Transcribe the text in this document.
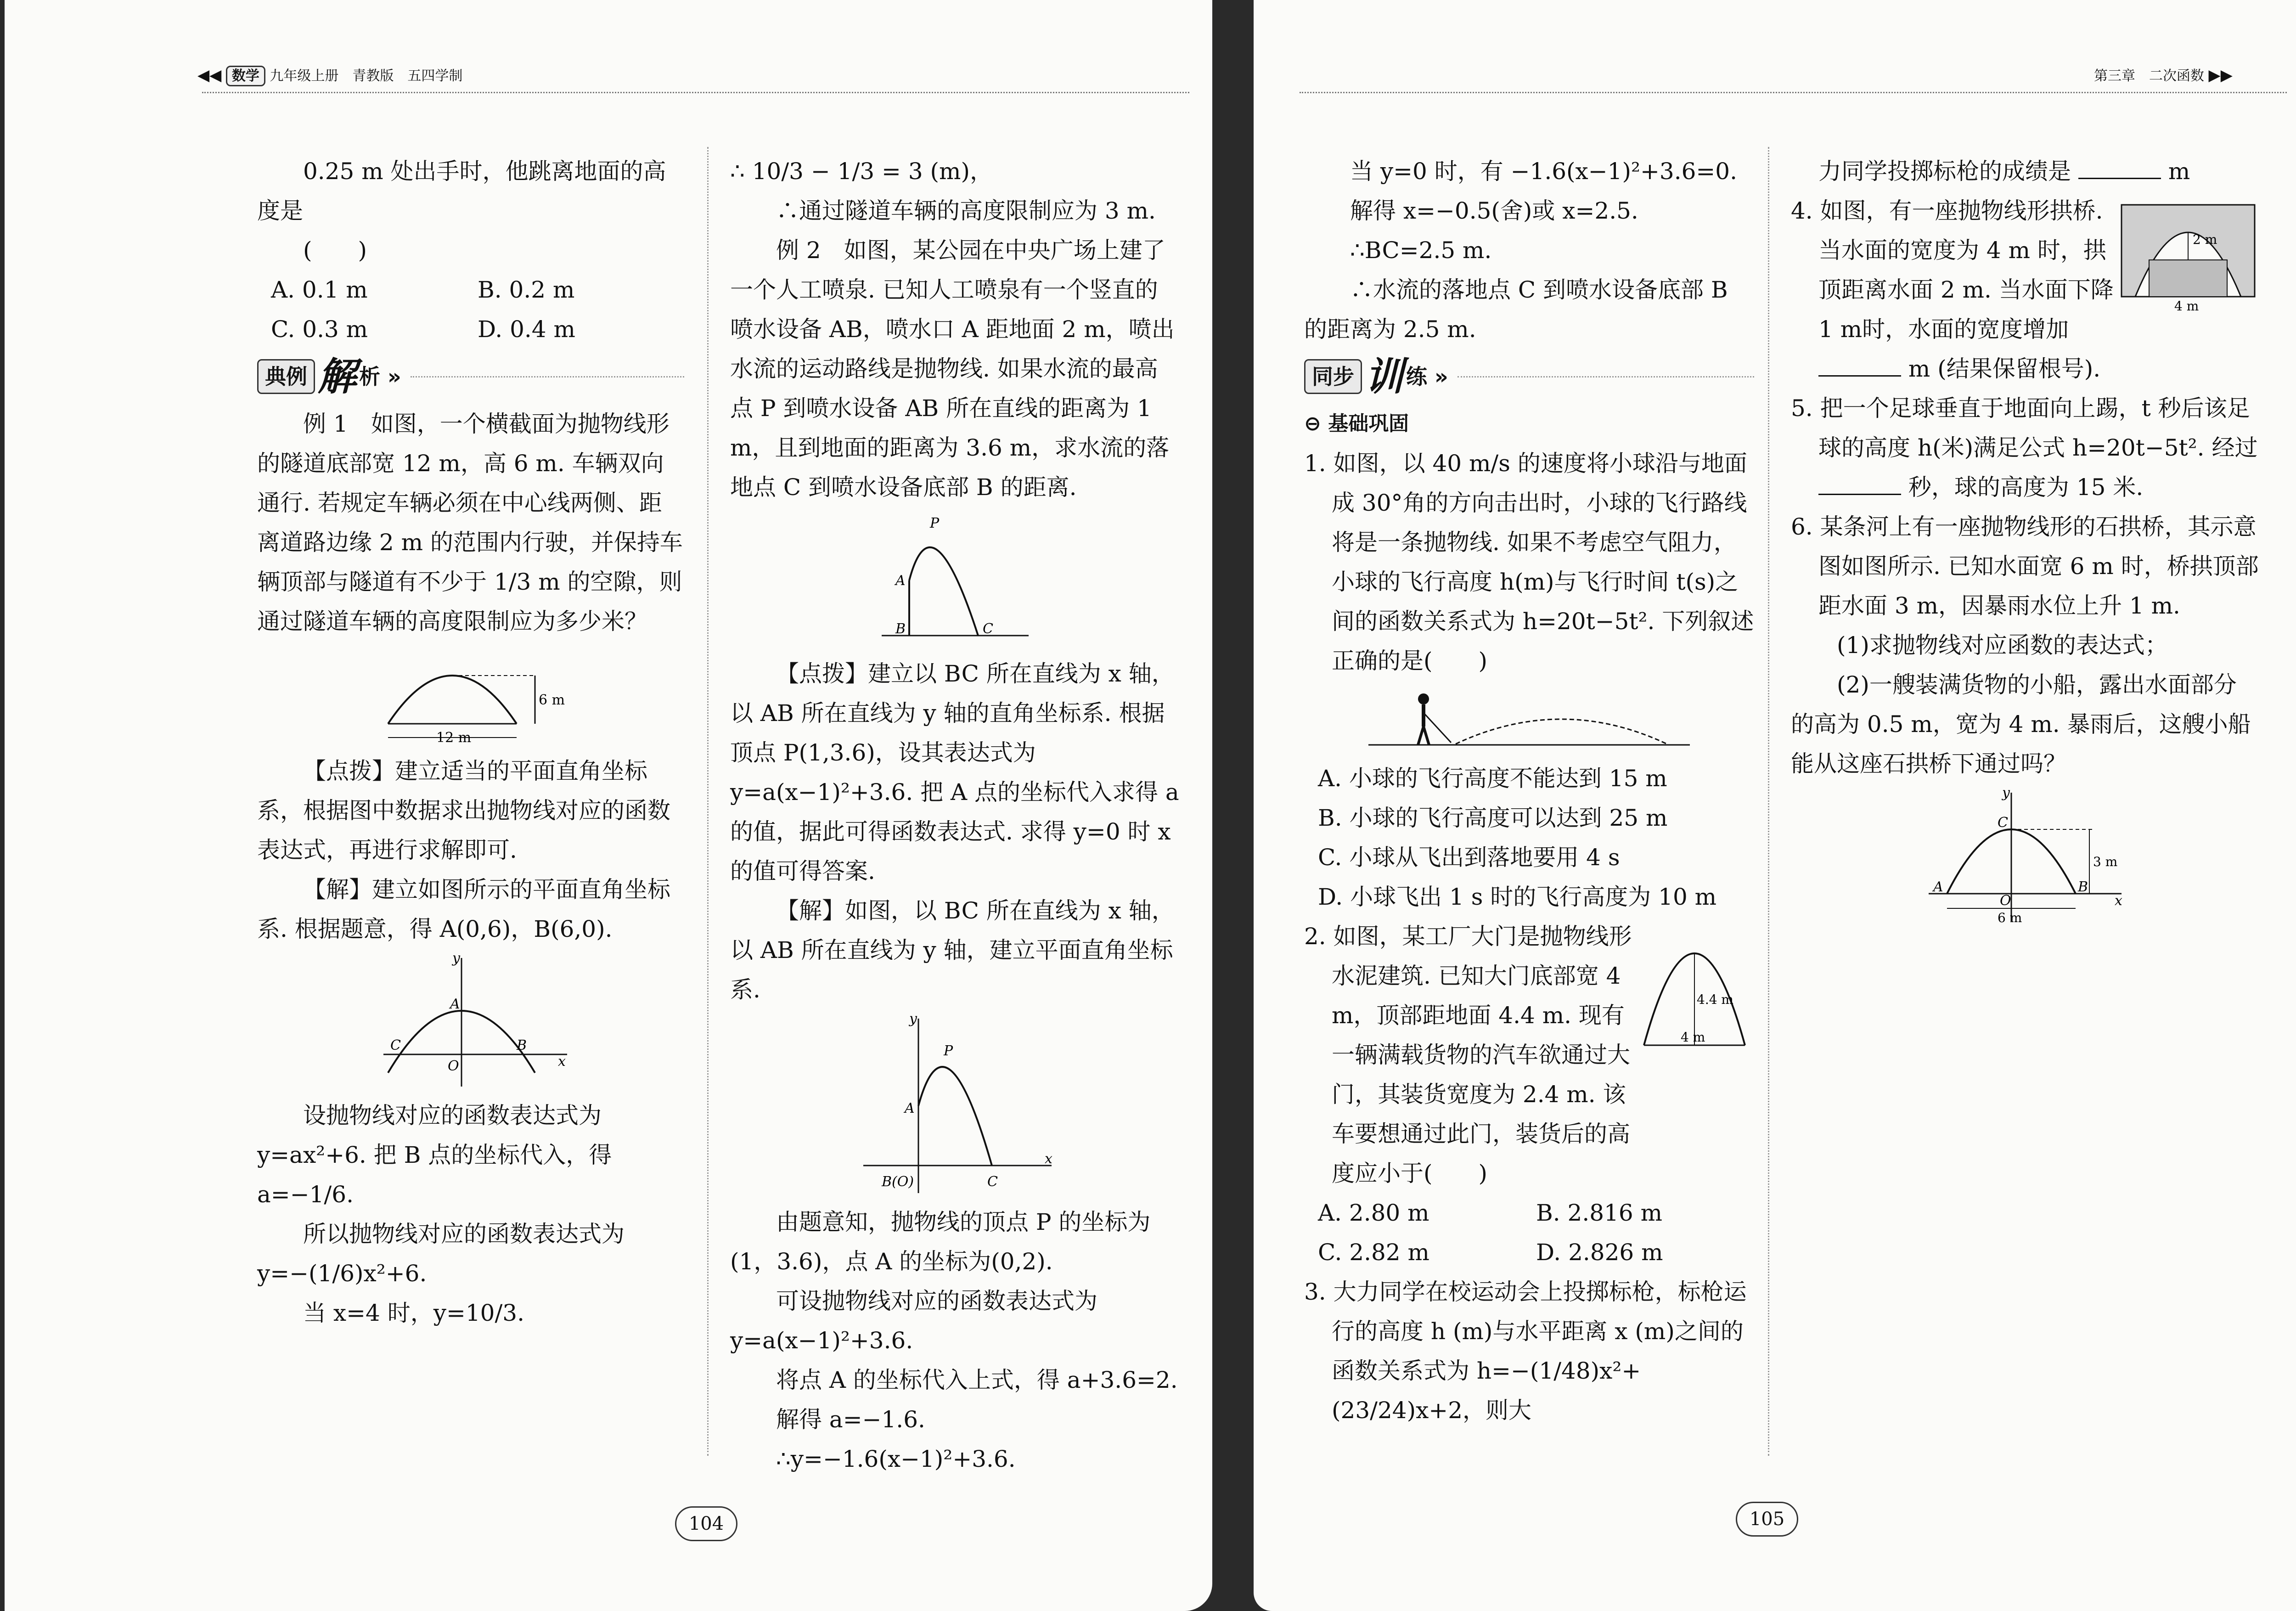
◀◀ 数学 九年级上册　青教版　五四学制

0.25 m 处出手时，他跳离地面的高度是

(　　)

A. 0.1 m	B. 0.2 m
C. 0.3 m	D. 0.4 m
典例 解 析 »

例 1　如图，一个横截面为抛物线形的隧道底部宽 12 m，高 6 m. 车辆双向通行. 若规定车辆必须在中心线两侧、距离道路边缘 2 m 的范围内行驶，并保持车辆顶部与隧道有不少于 1/3 m 的空隙，则通过隧道车辆的高度限制应为多少米？

6 m
12 m

【点拨】建立适当的平面直角坐标系，根据图中数据求出抛物线对应的函数表达式，再进行求解即可.

【解】建立如图所示的平面直角坐标系. 根据题意，得 A(0,6)，B(6,0).

y
x
A
B
C
O

设抛物线对应的函数表达式为 y=ax²+6. 把 B 点的坐标代入，得 a=−1/6.

所以抛物线对应的函数表达式为 y=−(1/6)x²+6.

当 x=4 时，y=10/3.

∴ 10/3 − 1/3 = 3 (m)，

∴通过隧道车辆的高度限制应为 3 m.

例 2　如图，某公园在中央广场上建了一个人工喷泉. 已知人工喷泉有一个竖直的喷水设备 AB，喷水口 A 距地面 2 m，喷出水流的运动路线是抛物线. 如果水流的最高点 P 到喷水设备 AB 所在直线的距离为 1 m，且到地面的距离为 3.6 m，求水流的落地点 C 到喷水设备底部 B 的距离.

P
A
B	C

【点拨】建立以 BC 所在直线为 x 轴，以 AB 所在直线为 y 轴的直角坐标系. 根据顶点 P(1,3.6)，设其表达式为 y=a(x−1)²+3.6. 把 A 点的坐标代入求得 a 的值，据此可得函数表达式. 求得 y=0 时 x 的值可得答案.

【解】如图，以 BC 所在直线为 x 轴，以 AB 所在直线为 y 轴，建立平面直角坐标系.

y
x
P
A
B(O)	C

由题意知，抛物线的顶点 P 的坐标为(1，3.6)，点 A 的坐标为(0,2).

可设抛物线对应的函数表达式为 y=a(x−1)²+3.6.

将点 A 的坐标代入上式，得 a+3.6=2.

解得 a=−1.6.

∴y=−1.6(x−1)²+3.6.

104
第三章　二次函数 ▶▶

当 y=0 时，有 −1.6(x−1)²+3.6=0.

解得 x=−0.5(舍)或 x=2.5.

∴BC=2.5 m.

∴水流的落地点 C 到喷水设备底部 B 的距离为 2.5 m.

同步 训 练 »

⊖ 基础巩固

1. 如图，以 40 m/s 的速度将小球沿与地面成 30°角的方向击出时，小球的飞行路线将是一条抛物线. 如果不考虑空气阻力，小球的飞行高度 h(m)与飞行时间 t(s)之间的函数关系式为 h=20t−5t². 下列叙述正确的是(　　)

A. 小球的飞行高度不能达到 15 m

B. 小球的飞行高度可以达到 25 m

C. 小球从飞出到落地要用 4 s

D. 小球飞出 1 s 时的飞行高度为 10 m

2. 如图，某工厂大门是抛物线形水泥建筑. 已知大门底部宽 4 m，顶部距地面 4.4 m. 现有一辆满载货物的汽车欲通过大门，其装货宽度为 2.4 m. 该车要想通过此门，装货后的高度应小于(　　)

4.4 m
4 m
A. 2.80 m	B. 2.816 m
C. 2.82 m	D. 2.826 m

3. 大力同学在校运动会上投掷标枪，标枪运行的高度 h (m)与水平距离 x (m)之间的函数关系式为 h=−(1/48)x²+(23/24)x+2，则大

力同学投掷标枪的成绩是	m

4. 如图，有一座抛物线形拱桥. 当水面的宽度为 4 m 时，拱顶距离水面 2 m. 当水面下降 1 m时，水面的宽度增加  m (结果保留根号).

2 m
4 m

5. 把一个足球垂直于地面向上踢，t 秒后该足球的高度 h(米)满足公式 h=20t−5t². 经过  秒，球的高度为 15 米.

6. 某条河上有一座抛物线形的石拱桥，其示意图如图所示. 已知水面宽 6 m 时，桥拱顶部距水面 3 m，因暴雨水位上升 1 m.

(1)求抛物线对应函数的表达式；

(2)一艘装满货物的小船，露出水面部分的高为 0.5 m，宽为 4 m. 暴雨后，这艘小船能从这座石拱桥下通过吗？

y
x
C
A
O
B
3 m
6 m
105
